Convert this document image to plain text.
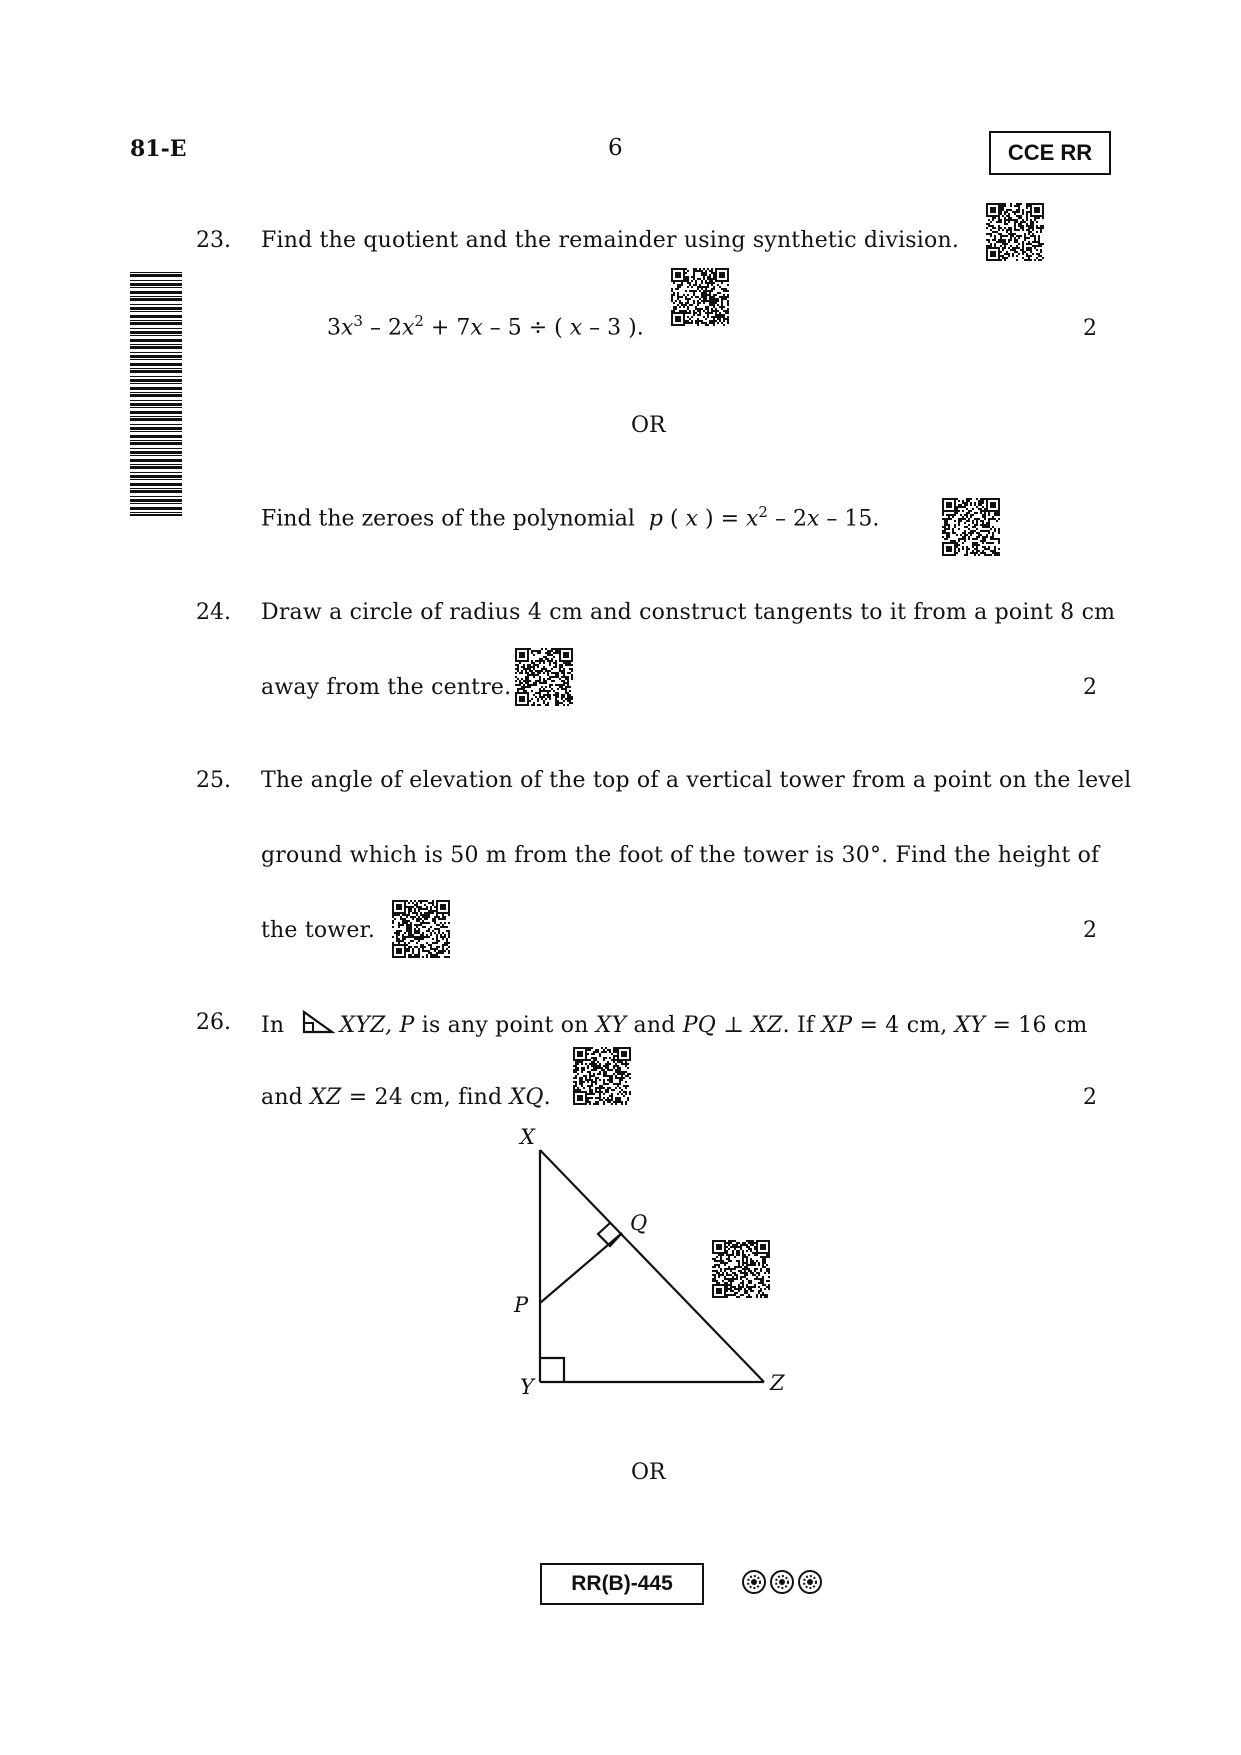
81-E	6	CCE RR
23. Find the quotient and the remainder using synthetic division.
$3x^3 - 2x^2 + 7x - 5$ ÷ ( x – 3 ).	2
OR
Find the zeroes of the polynomial p ( x ) = $x^2 - 2x - 15$.
24. Draw a circle of radius 4 cm and construct tangents to it from a point 8 cm
away from the centre.	2
25. The angle of elevation of the top of a vertical tower from a point on the level
ground which is 50 m from the foot of the tower is 30°. Find the height of
the tower.	2
26. In	XYZ, P is any point on XY and PQ ⊥ XZ. If XP = 4 cm, XY = 16 cm
and XZ = 24 cm, find XQ.	2
X
Q
P
Y	Z
OR
RR(B)-445
